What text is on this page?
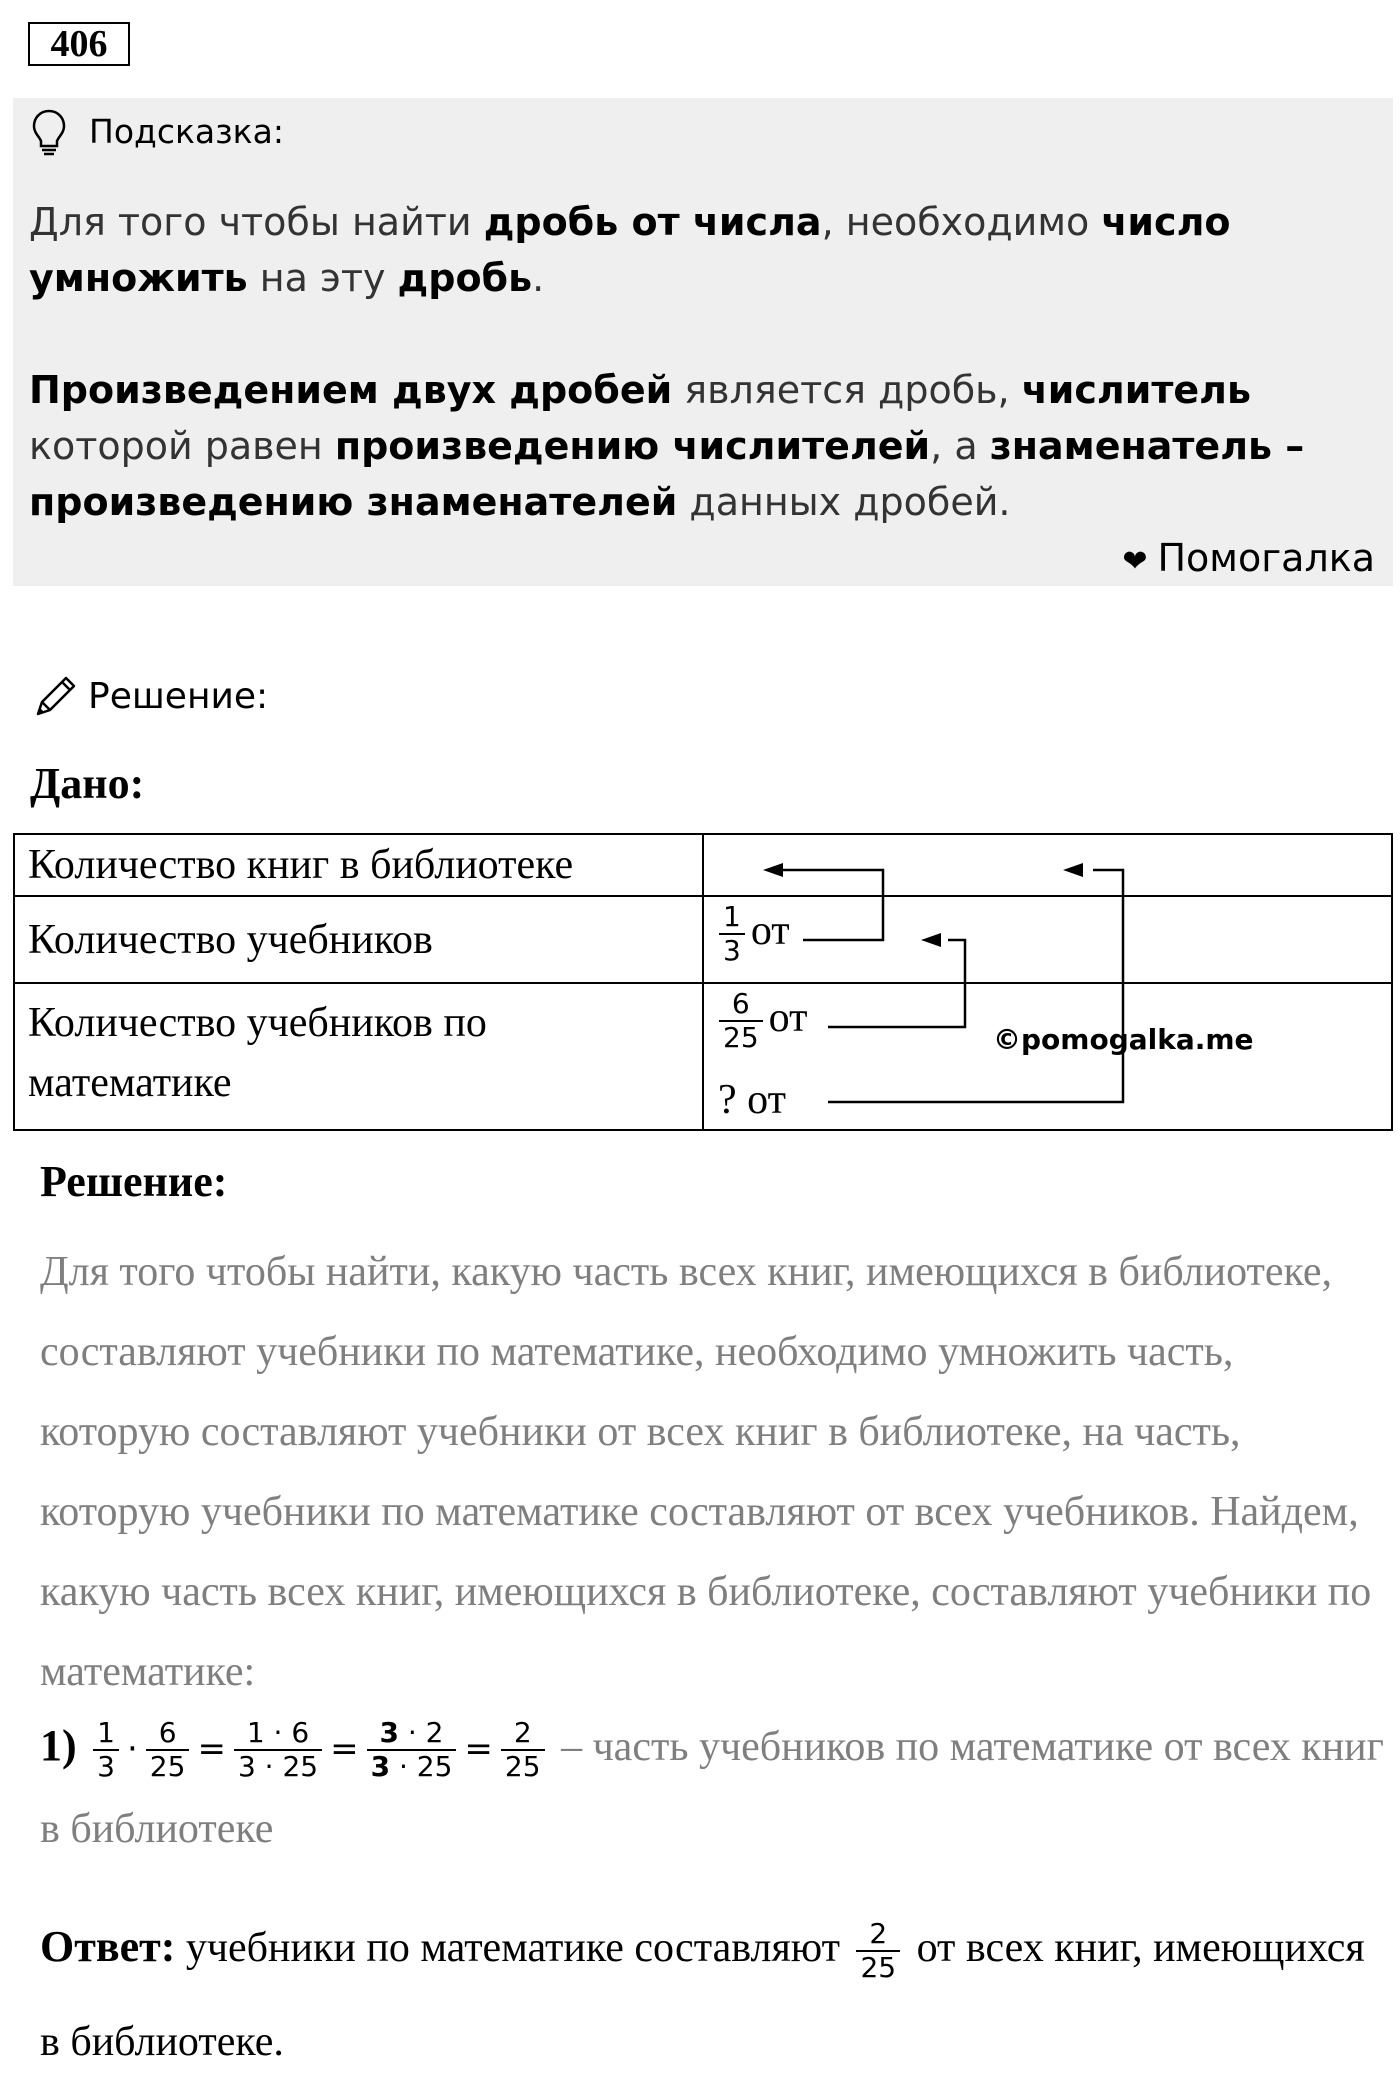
406
Подсказка:

Для того чтобы найти дробь от числа, необходимо число умножить на эту дробь.

Произведением двух дробей является дробь, числитель которой равен произведению числителей, а знаменатель – произведению знаменателей данных дробей.

❤ Помогалка
Решение:
Дано:
Количество книг в библиотеке
Количество учебников
Количество учебников по математике
$\frac{1}{3}$ от
$\frac{6}{25}$ от
? от
©pomogalka.me
Решение:
Для того чтобы найти, какую часть всех книг, имеющихся в библиотеке, составляют учебники по математике, необходимо умножить часть, которую составляют учебники от всех книг в библиотеке, на часть, которую учебники по математике составляют от всех учебников. Найдем, какую часть всех книг, имеющихся в библиотеке, составляют учебники по математике:
$1) \frac{1}{3} \cdot \frac{6}{25} = \frac{1 \cdot 6}{3 \cdot 25} = \frac{3 \cdot 2}{3 \cdot 25} = \frac{2}{25}$ – часть учебников по математике от всех книг в библиотеке
Ответ: учебники по математике составляют $\frac{2}{25}$ от всех книг, имеющихся в библиотеке.
